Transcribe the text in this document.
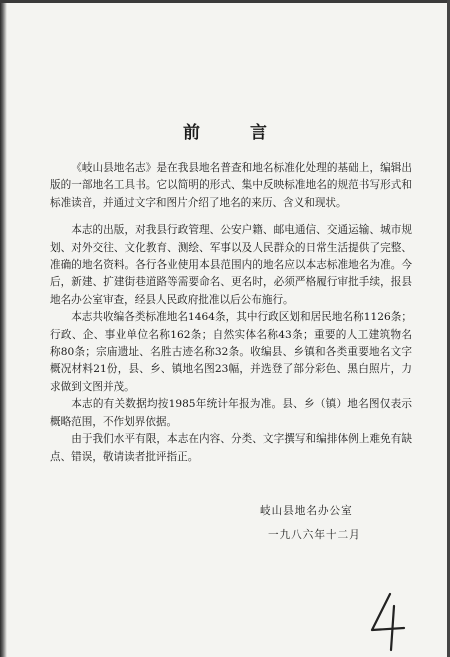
前 言

《岐山县地名志》是在我县地名普查和地名标准化处理的基础上，编辑出版的一部地名工具书。它以简明的形式、集中反映标准地名的规范书写形式和标准读音，并通过文字和图片介绍了地名的来历、含义和现状。

本志的出版，对我县行政管理、公安户籍、邮电通信、交通运输、城市规划、对外交往、文化教育、测绘、军事以及人民群众的日常生活提供了完整、准确的地名资料。各行各业使用本县范围内的地名应以本志标准地名为准。今后，新建、扩建街巷道路等需要命名、更名时，必须严格履行审批手续，报县地名办公室审查，经县人民政府批准以后公布施行。

本志共收编各类标准地名1464条，其中行政区划和居民地名称1126条；行政、企、事业单位名称162条；自然实体名称43条；重要的人工建筑物名称80条；宗庙遗址、名胜古迹名称32条。收编县、乡镇和各类重要地名文字概况材料21份，县、乡、镇地名图23幅，并选登了部分彩色、黑白照片，力求做到文图并茂。

本志的有关数据均按1985年统计年报为准。县、乡（镇）地名图仅表示概略范围，不作划界依据。

由于我们水平有限，本志在内容、分类、文字撰写和编排体例上难免有缺点、错误，敬请读者批评指正。

岐山县地名办公室
一九八六年十二月
